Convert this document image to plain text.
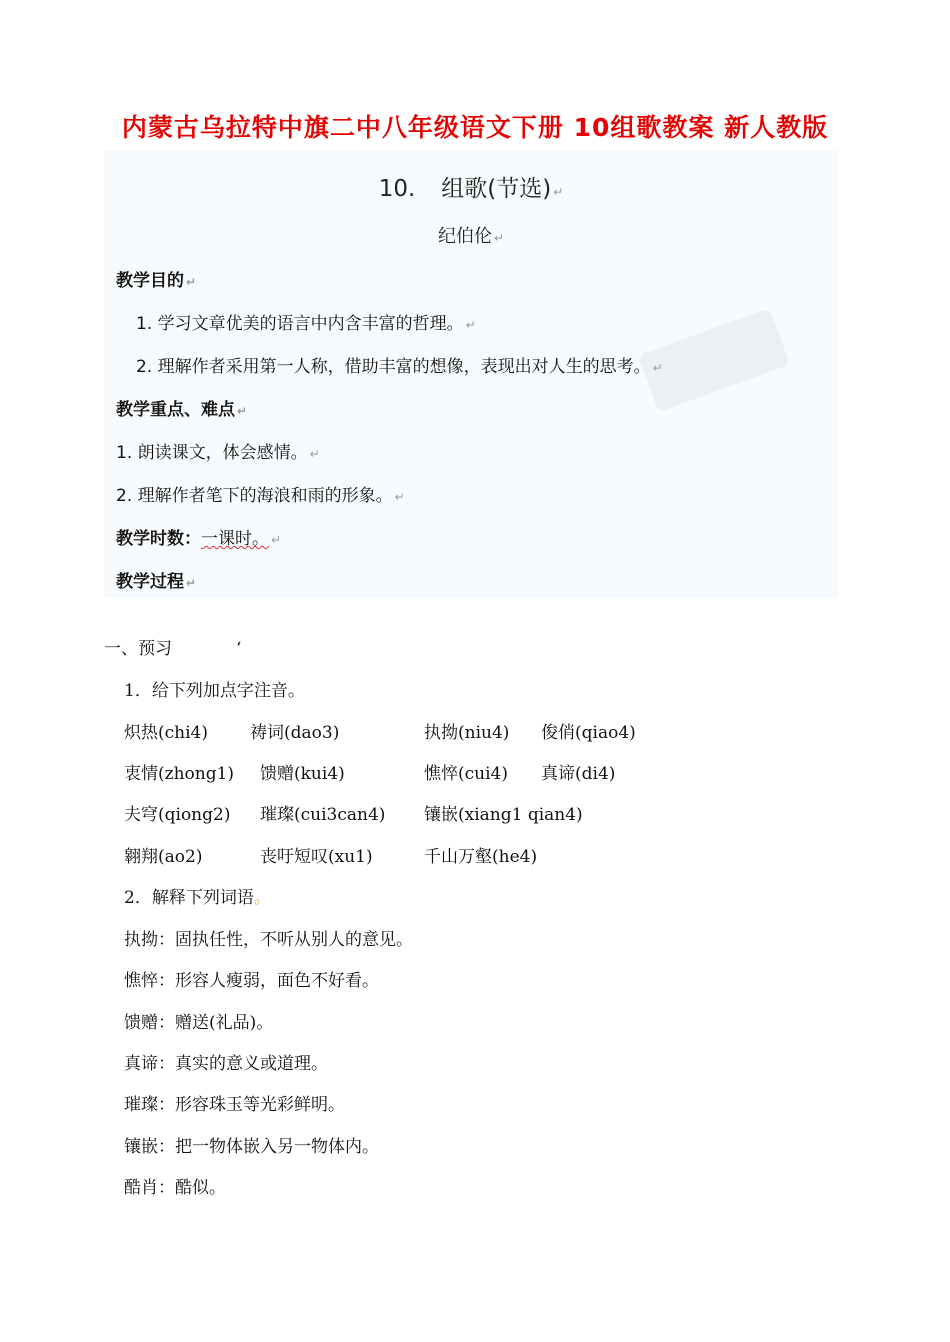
内蒙古乌拉特中旗二中八年级语文下册 10组歌教案 新人教版
10. 组歌(节选) ↵
纪伯伦 ↵
教学目的 ↵
1. 学习文章优美的语言中内含丰富的哲理。 ↵
2. 理解作者采用第一人称，借助丰富的想像，表现出对人生的思考。 ↵
教学重点、难点 ↵
1. 朗读课文，体会感情。 ↵
2. 理解作者笔下的海浪和雨的形象。 ↵
教学时数：一课时。 ↵
教学过程 ↵
一、预习	‘
1．给下列加点字注音。
炽热(chi4) 祷词(dao3)	执拗(niu4) 俊俏(qiao4)
衷情(zhong1) 馈赠(kui4)	憔悴(cui4) 真谛(di4)
夫穹(qiong2) 璀璨(cui3can4) 镶嵌(xiang1 qian4)
翱翔(ao2)	丧吁短叹(xu1)	千山万壑(he4)
2．解释下列词语。
执拗：固执任性，不听从别人的意见。
憔悴：形容人瘦弱，面色不好看。
馈赠：赠送(礼品)。
真谛：真实的意义或道理。
璀璨：形容珠玉等光彩鲜明。
镶嵌：把一物体嵌入另一物体内。
酷肖：酷似。
